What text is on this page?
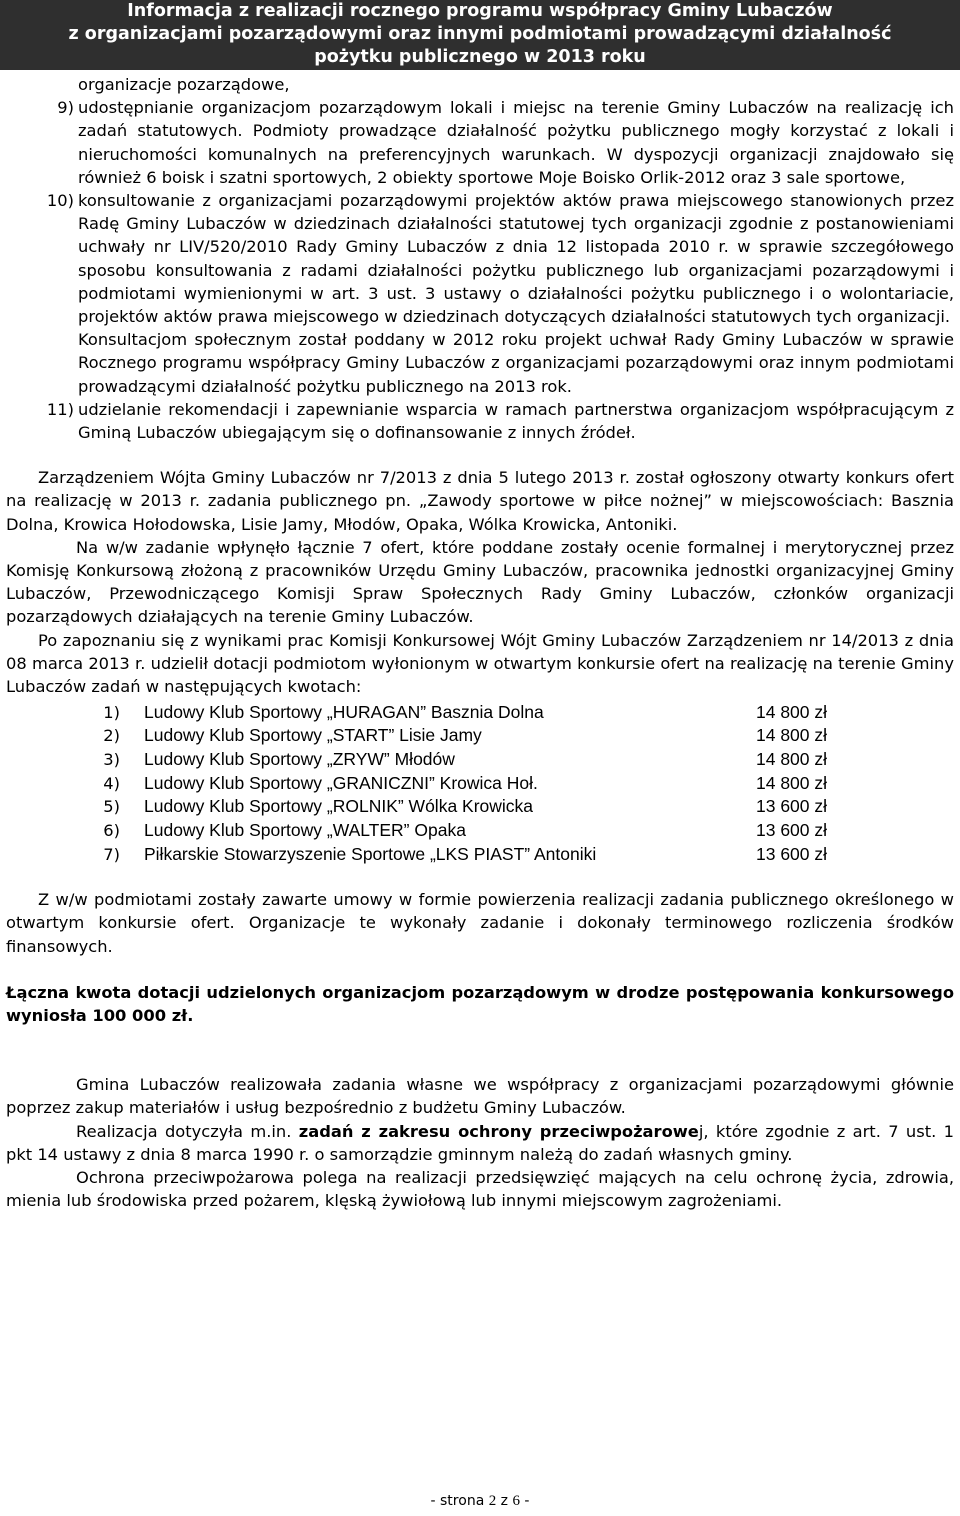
Informacja z realizacji rocznego programu współpracy Gminy Lubaczów
z organizacjami pozarządowymi oraz innymi podmiotami prowadzącymi działalność
pożytku publicznego w 2013 roku
organizacje pozarządowe,
9) udostępnianie organizacjom pozarządowym lokali i miejsc na terenie Gminy Lubaczów na realizację ich zadań statutowych. Podmioty prowadzące działalność pożytku publicznego mogły korzystać z lokali i nieruchomości komunalnych na preferencyjnych warunkach. W dyspozycji organizacji znajdowało się również 6 boisk i szatni sportowych, 2 obiekty sportowe Moje Boisko Orlik-2012 oraz 3 sale sportowe,
10) konsultowanie z organizacjami pozarządowymi projektów aktów prawa miejscowego stanowionych przez Radę Gminy Lubaczów w dziedzinach działalności statutowej tych organizacji zgodnie z postanowieniami uchwały nr LIV/520/2010 Rady Gminy Lubaczów z dnia 12 listopada 2010 r. w sprawie szczegółowego sposobu konsultowania z radami działalności pożytku publicznego lub organizacjami pozarządowymi i podmiotami wymienionymi w art. 3 ust. 3 ustawy o działalności pożytku publicznego i o wolontariacie, projektów aktów prawa miejscowego w dziedzinach dotyczących działalności statutowych tych organizacji.
Konsultacjom społecznym został poddany w 2012 roku projekt uchwał Rady Gminy Lubaczów w sprawie Rocznego programu współpracy Gminy Lubaczów z organizacjami pozarządowymi oraz innym podmiotami prowadzącymi działalność pożytku publicznego na 2013 rok.
11) udzielanie rekomendacji i zapewnianie wsparcia w ramach partnerstwa organizacjom współpracującym z Gminą Lubaczów ubiegającym się o dofinansowanie z innych źródeł.

Zarządzeniem Wójta Gminy Lubaczów nr 7/2013 z dnia 5 lutego 2013 r. został ogłoszony otwarty konkurs ofert na realizację w 2013 r. zadania publicznego pn. „Zawody sportowe w piłce nożnej” w miejscowościach: Basznia Dolna, Krowica Hołodowska, Lisie Jamy, Młodów, Opaka, Wólka Krowicka, Antoniki.

Na w/w zadanie wpłynęło łącznie 7 ofert, które poddane zostały ocenie formalnej i merytorycznej przez Komisję Konkursową złożoną z pracowników Urzędu Gminy Lubaczów, pracownika jednostki organizacyjnej Gminy Lubaczów, Przewodniczącego Komisji Spraw Społecznych Rady Gminy Lubaczów, członków organizacji pozarządowych działających na terenie Gminy Lubaczów.

Po zapoznaniu się z wynikami prac Komisji Konkursowej Wójt Gminy Lubaczów Zarządzeniem nr 14/2013 z dnia 08 marca 2013 r. udzielił dotacji podmiotom wyłonionym w otwartym konkursie ofert na realizację na terenie Gminy Lubaczów zadań w następujących kwotach:

1)	Ludowy Klub Sportowy „HURAGAN” Basznia Dolna	14 800 zł
2)	Ludowy Klub Sportowy „START” Lisie Jamy	14 800 zł
3)	Ludowy Klub Sportowy „ZRYW” Młodów	14 800 zł
4)	Ludowy Klub Sportowy „GRANICZNI” Krowica Hoł.	14 800 zł
5)	Ludowy Klub Sportowy „ROLNIK” Wólka Krowicka	13 600 zł
6)	Ludowy Klub Sportowy „WALTER” Opaka	13 600 zł
7)	Piłkarskie Stowarzyszenie Sportowe „LKS PIAST” Antoniki	13 600 zł

Z w/w podmiotami zostały zawarte umowy w formie powierzenia realizacji zadania publicznego określonego w otwartym konkursie ofert. Organizacje te wykonały zadanie i dokonały terminowego rozliczenia środków finansowych.

Łączna kwota dotacji udzielonych organizacjom pozarządowym w drodze postępowania konkursowego wyniosła 100 000 zł.

Gmina Lubaczów realizowała zadania własne we współpracy z organizacjami pozarządowymi głównie poprzez zakup materiałów i usług bezpośrednio z budżetu Gminy Lubaczów.

Realizacja dotyczyła m.in. zadań z zakresu ochrony przeciwpożarowej, które zgodnie z art. 7 ust. 1 pkt 14 ustawy z dnia 8 marca 1990 r. o samorządzie gminnym należą do zadań własnych gminy.

Ochrona przeciwpożarowa polega na realizacji przedsięwzięć mających na celu ochronę życia, zdrowia, mienia lub środowiska przed pożarem, klęską żywiołową lub innymi miejscowym zagrożeniami.

- strona 2 z 6 -
